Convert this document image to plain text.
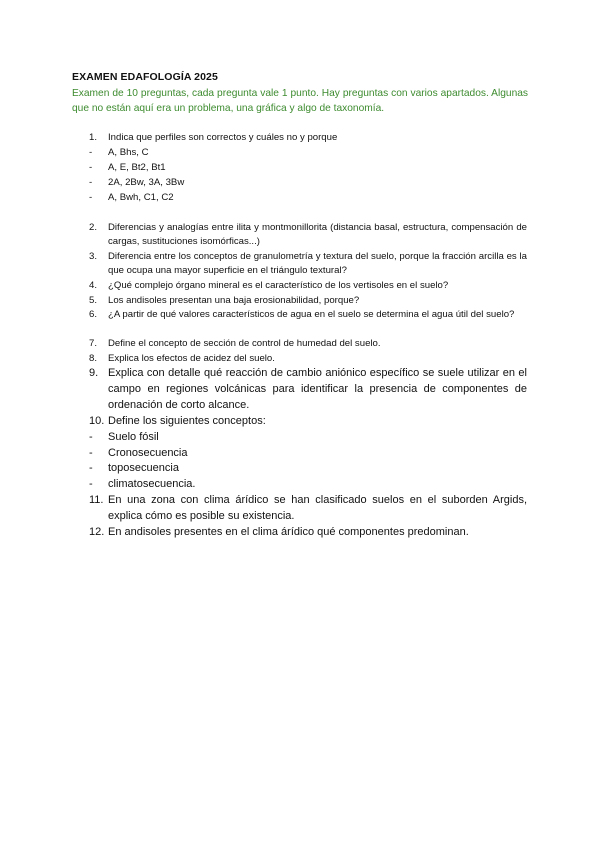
EXAMEN EDAFOLOGÍA 2025
Examen de 10 preguntas, cada pregunta vale 1 punto. Hay preguntas con varios apartados. Algunas que no están aquí era un problema, una gráfica y algo de taxonomía.
1. Indica que perfiles son correctos y cuáles no y porque
- A, Bhs, C
- A, E, Bt2, Bt1
- 2A, 2Bw, 3A, 3Bw
- A, Bwh, C1, C2
2. Diferencias y analogías entre ilita y montmonillorita (distancia basal, estructura, compensación de cargas, sustituciones isomórficas...)
3. Diferencia entre los conceptos de granulometría y textura del suelo, porque la fracción arcilla es la que ocupa una mayor superficie en el triángulo textural?
4. ¿Qué complejo órgano mineral es el característico de los vertisoles en el suelo?
5. Los andisoles presentan una baja erosionabilidad, porque?
6. ¿A partir de qué valores característicos de agua en el suelo se determina el agua útil del suelo?
7. Define el concepto de sección de control de humedad del suelo.
8. Explica los efectos de acidez del suelo.
9. Explica con detalle qué reacción de cambio aniónico específico se suele utilizar en el campo en regiones volcánicas para identificar la presencia de componentes de ordenación de corto alcance.
10. Define los siguientes conceptos:
- Suelo fósil
- Cronosecuencia
- toposecuencia
- climatosecuencia.
11. En una zona con clima árídico se han clasificado suelos en el suborden Argids, explica cómo es posible su existencia.
12. En andisoles presentes en el clima árídico qué componentes predominan.
